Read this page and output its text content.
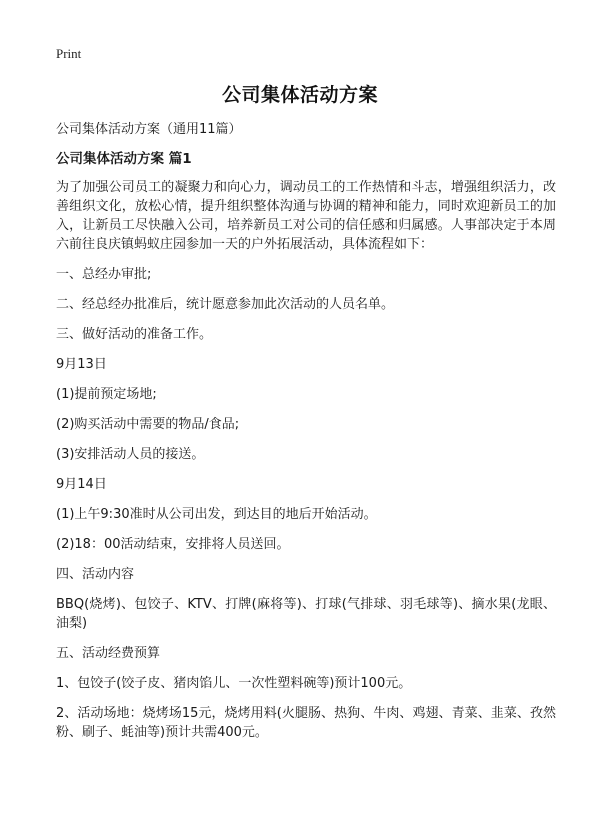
Print
公司集体活动方案

公司集体活动方案（通用11篇）

公司集体活动方案 篇1

为了加强公司员工的凝聚力和向心力，调动员工的工作热情和斗志，增强组织活力，改善组织文化，放松心情，提升组织整体沟通与协调的精神和能力，同时欢迎新员工的加入，让新员工尽快融入公司，培养新员工对公司的信任感和归属感。人事部决定于本周六前往良庆镇蚂蚁庄园参加一天的户外拓展活动，具体流程如下：

一、总经办审批;

二、经总经办批准后，统计愿意参加此次活动的人员名单。

三、做好活动的准备工作。

9月13日

(1)提前预定场地;

(2)购买活动中需要的物品/食品;

(3)安排活动人员的接送。

9月14日

(1)上午9:30准时从公司出发，到达目的地后开始活动。

(2)18：00活动结束，安排将人员送回。

四、活动内容

BBQ(烧烤)、包饺子、KTV、打牌(麻将等)、打球(气排球、羽毛球等)、摘水果(龙眼、油梨)

五、活动经费预算

1、包饺子(饺子皮、猪肉馅儿、一次性塑料碗等)预计100元。

2、活动场地：烧烤场15元，烧烤用料(火腿肠、热狗、牛肉、鸡翅、青菜、韭菜、孜然粉、刷子、蚝油等)预计共需400元。
